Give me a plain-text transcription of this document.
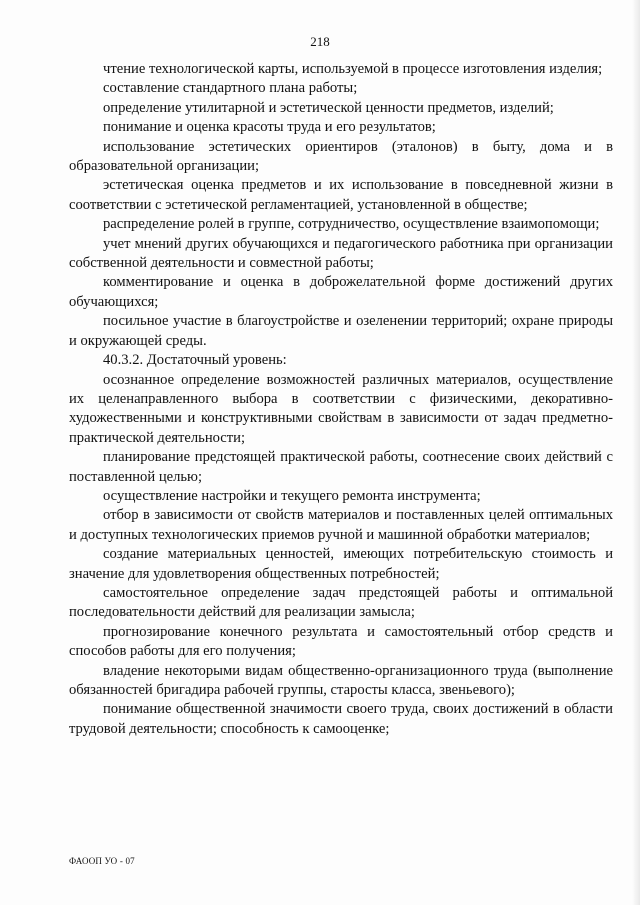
218

чтение технологической карты, используемой в процессе изготовления изделия;

составление стандартного плана работы;

определение утилитарной и эстетической ценности предметов, изделий;

понимание и оценка красоты труда и его результатов;

использование эстетических ориентиров (эталонов) в быту, дома и в образовательной организации;

эстетическая оценка предметов и их использование в повседневной жизни в соответствии с эстетической регламентацией, установленной в обществе;

распределение ролей в группе, сотрудничество, осуществление взаимопомощи;

учет мнений других обучающихся и педагогического работника при организации собственной деятельности и совместной работы;

комментирование и оценка в доброжелательной форме достижений других обучающихся;

посильное участие в благоустройстве и озеленении территорий; охране природы и окружающей среды.

40.3.2. Достаточный уровень:

осознанное определение возможностей различных материалов, осуществление их целенаправленного выбора в соответствии с физическими, декоративно-художественными и конструктивными свойствам в зависимости от задач предметно-практической деятельности;

планирование предстоящей практической работы, соотнесение своих действий с поставленной целью;

осуществление настройки и текущего ремонта инструмента;

отбор в зависимости от свойств материалов и поставленных целей оптимальных и доступных технологических приемов ручной и машинной обработки материалов;

создание материальных ценностей, имеющих потребительскую стоимость и значение для удовлетворения общественных потребностей;

самостоятельное определение задач предстоящей работы и оптимальной последовательности действий для реализации замысла;

прогнозирование конечного результата и самостоятельный отбор средств и способов работы для его получения;

владение некоторыми видам общественно-организационного труда (выполнение обязанностей бригадира рабочей группы, старосты класса, звеньевого);

понимание общественной значимости своего труда, своих достижений в области трудовой деятельности; способность к самооценке;

ФАООП УО - 07
